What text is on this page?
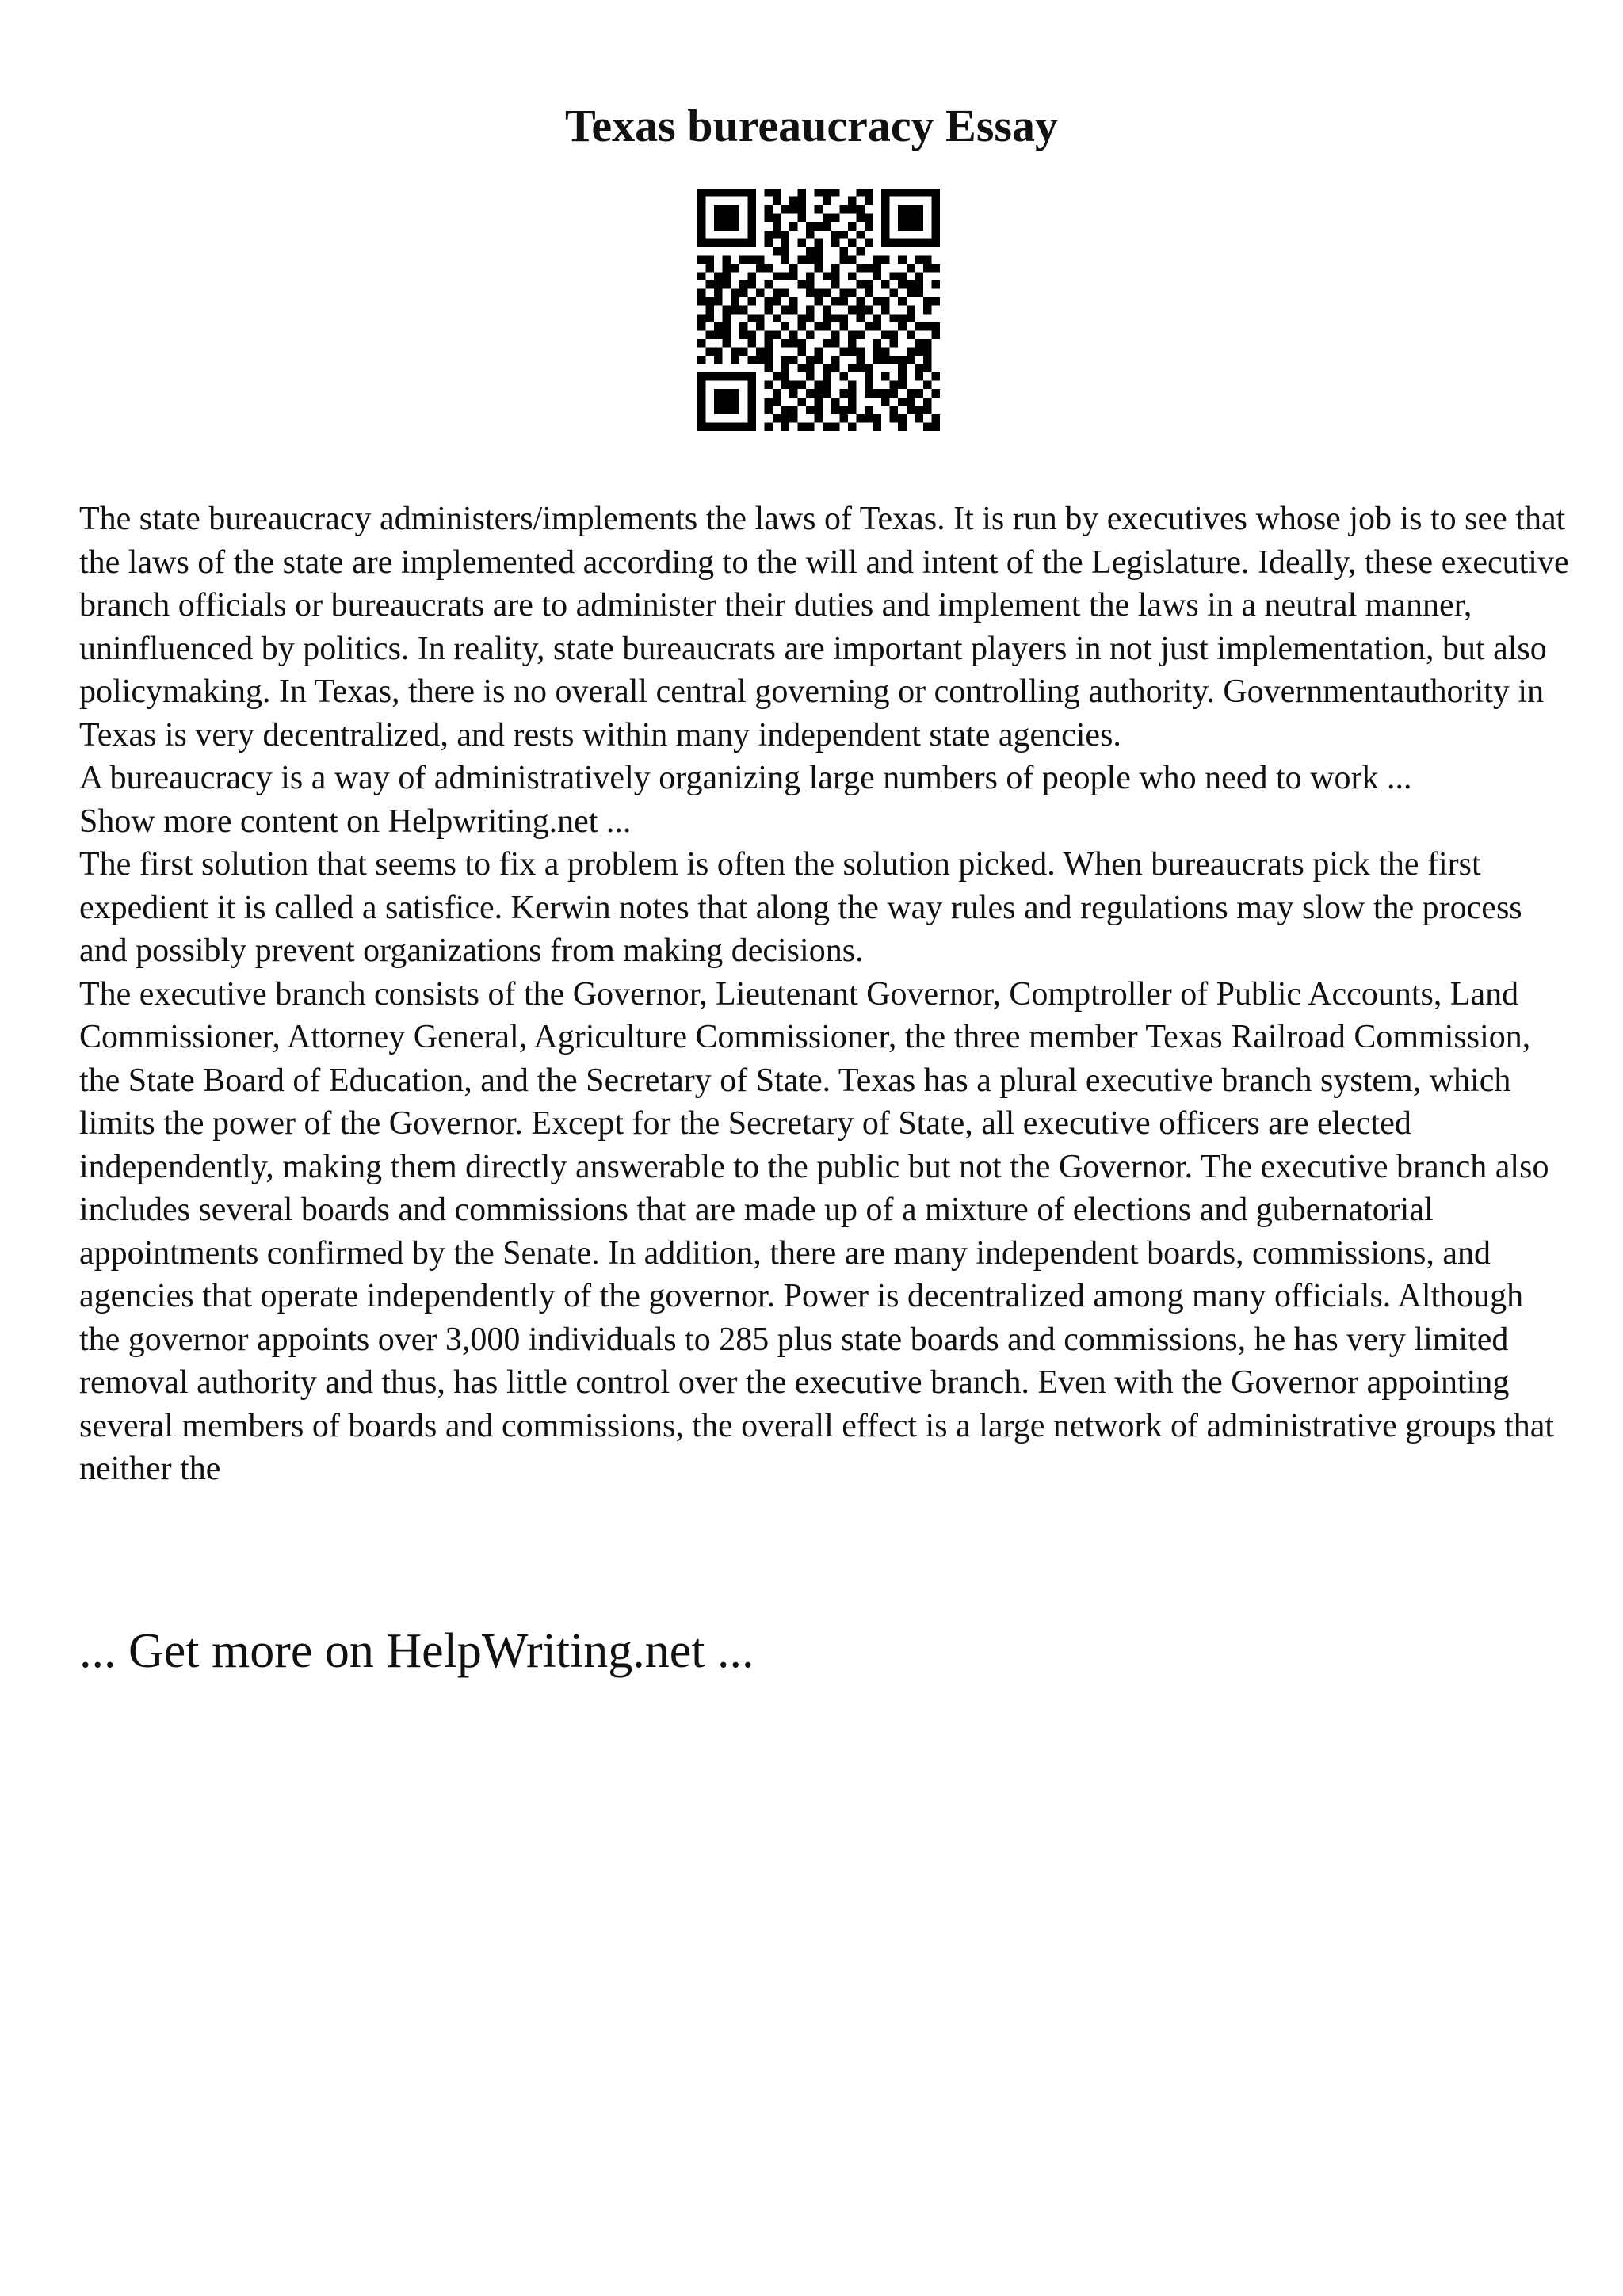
Texas bureaucracy Essay

The state bureaucracy administers/implements the laws of Texas. It is run by executives whose job is to see that the laws of the state are implemented according to the will and intent of the Legislature. Ideally, these executive branch officials or bureaucrats are to administer their duties and implement the laws in a neutral manner, uninfluenced by politics. In reality, state bureaucrats are important players in not just implementation, but also policymaking. In Texas, there is no overall central governing or controlling authority. Governmentauthority in Texas is very decentralized, and rests within many independent state agencies.

A bureaucracy is a way of administratively organizing large numbers of people who need to work ...

Show more content on Helpwriting.net ...

The first solution that seems to fix a problem is often the solution picked. When bureaucrats pick the first expedient it is called a satisfice. Kerwin notes that along the way rules and regulations may slow the process and possibly prevent organizations from making decisions.

The executive branch consists of the Governor, Lieutenant Governor, Comptroller of Public Accounts, Land Commissioner, Attorney General, Agriculture Commissioner, the three member Texas Railroad Commission, the State Board of Education, and the Secretary of State. Texas has a plural executive branch system, which limits the power of the Governor. Except for the Secretary of State, all executive officers are elected independently, making them directly answerable to the public but not the Governor. The executive branch also includes several boards and commissions that are made up of a mixture of elections and gubernatorial appointments confirmed by the Senate. In addition, there are many independent boards, commissions, and agencies that operate independently of the governor. Power is decentralized among many officials. Although the governor appoints over 3,000 individuals to 285 plus state boards and commissions, he has very limited removal authority and thus, has little control over the executive branch. Even with the Governor appointing several members of boards and commissions, the overall effect is a large network of administrative groups that neither the

... Get more on HelpWriting.net ...
